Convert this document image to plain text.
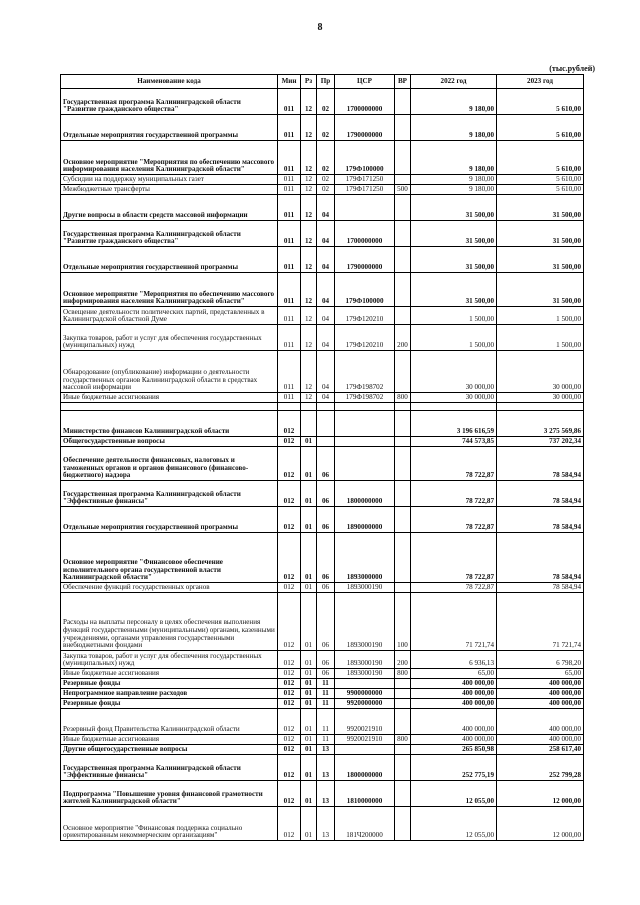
8
(тыс.рублей)
Наименование кода	Мин	Рз	Пр	ЦСР	ВР	2022 год	2023 год
Государственная программа Калининградской области "Развитие гражданского общества"	011	12	02	1700000000		9 180,00	5 610,00
Отдельные мероприятия государственной программы	011	12	02	1790000000		9 180,00	5 610,00
Основное мероприятие "Мероприятия по обеспечению массового информирования населения Калининградской области"	011	12	02	179Ф100000		9 180,00	5 610,00
Субсидии на поддержку муниципальных газет	011	12	02	179Ф171250		9 180,00	5 610,00
Межбюджетные трансферты	011	12	02	179Ф171250	500	9 180,00	5 610,00
Другие вопросы в области средств массовой информации	011	12	04			31 500,00	31 500,00
Государственная программа Калининградской области "Развитие гражданского общества"	011	12	04	1700000000		31 500,00	31 500,00
Отдельные мероприятия государственной программы	011	12	04	1790000000		31 500,00	31 500,00
Основное мероприятие "Мероприятия по обеспечению массового информирования населения Калининградской области"	011	12	04	179Ф100000		31 500,00	31 500,00
Освещение деятельности политических партий, представленных в Калининградской областной Думе	011	12	04	179Ф120210		1 500,00	1 500,00
Закупка товаров, работ и услуг для обеспечения государственных (муниципальных) нужд	011	12	04	179Ф120210	200	1 500,00	1 500,00
Обнародование (опубликование) информации о деятельности государственных органов Калининградской области в средствах массовой информации	011	12	04	179Ф198702		30 000,00	30 000,00
Иные бюджетные ассигнования	011	12	04	179Ф198702	800	30 000,00	30 000,00

Министерство финансов Калининградской области	012					3 196 616,59	3 275 569,86
Общегосударственные вопросы	012	01				744 573,85	737 202,34
Обеспечение деятельности финансовых, налоговых и таможенных органов и органов финансового (финансово-бюджетного) надзора	012	01	06			78 722,87	78 584,94
Государственная программа Калининградской области "Эффективные финансы"	012	01	06	1800000000		78 722,87	78 584,94
Отдельные мероприятия государственной программы	012	01	06	1890000000		78 722,87	78 584,94
Основное мероприятие "Финансовое обеспечение исполнительного органа государственной власти Калининградской области"	012	01	06	1893000000		78 722,87	78 584,94
Обеспечение функций государственных органов	012	01	06	1893000190		78 722,87	78 584,94
Расходы на выплаты персоналу в целях обеспечения выполнения функций государственными (муниципальными) органами, казенными учреждениями, органами управления государственными внебюджетными фондами	012	01	06	1893000190	100	71 721,74	71 721,74
Закупка товаров, работ и услуг для обеспечения государственных (муниципальных) нужд	012	01	06	1893000190	200	6 936,13	6 798,20
Иные бюджетные ассигнования	012	01	06	1893000190	800	65,00	65,00
Резервные фонды	012	01	11			400 000,00	400 000,00
Непрограммное направление расходов	012	01	11	9900000000		400 000,00	400 000,00
Резервные фонды	012	01	11	9920000000		400 000,00	400 000,00
Резервный фонд Правительства Калининградской области	012	01	11	9920021910		400 000,00	400 000,00
Иные бюджетные ассигнования	012	01	11	9920021910	800	400 000,00	400 000,00
Другие общегосударственные вопросы	012	01	13			265 850,98	258 617,40
Государственная программа Калининградской области "Эффективные финансы"	012	01	13	1800000000		252 775,19	252 799,28
Подпрограмма "Повышение уровня финансовой грамотности жителей Калининградской области"	012	01	13	1810000000		12 055,00	12 000,00
Основное мероприятие "Финансовая поддержка социально ориентированным некоммерческим организациям"	012	01	13	181Ч200000		12 055,00	12 000,00
